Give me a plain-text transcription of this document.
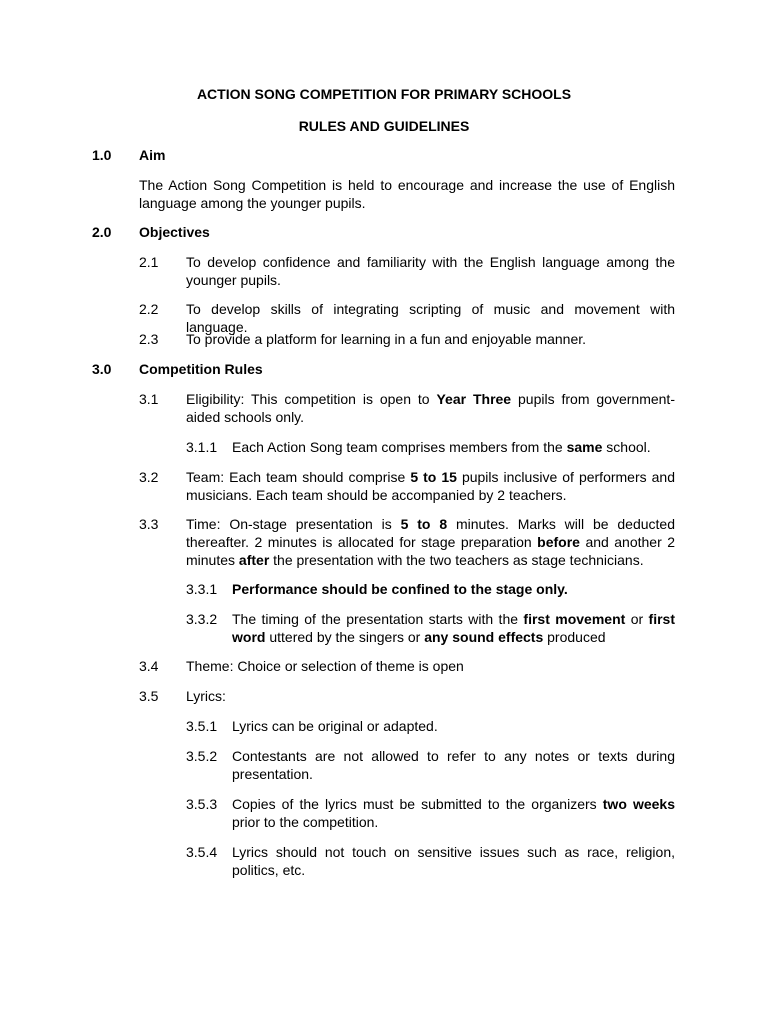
ACTION SONG COMPETITION FOR PRIMARY SCHOOLS
RULES AND GUIDELINES
1.0 Aim
The Action Song Competition is held to encourage and increase the use of English language among the younger pupils.
2.0 Objectives
2.1 To develop confidence and familiarity with the English language among the younger pupils.
2.2 To develop skills of integrating scripting of music and movement with language.
2.3 To provide a platform for learning in a fun and enjoyable manner.
3.0 Competition Rules
3.1 Eligibility: This competition is open to Year Three pupils from government-aided schools only.
3.1.1 Each Action Song team comprises members from the same school.
3.2 Team: Each team should comprise 5 to 15 pupils inclusive of performers and musicians. Each team should be accompanied by 2 teachers.
3.3 Time: On-stage presentation is 5 to 8 minutes. Marks will be deducted thereafter. 2 minutes is allocated for stage preparation before and another 2 minutes after the presentation with the two teachers as stage technicians.
3.3.1 Performance should be confined to the stage only.
3.3.2 The timing of the presentation starts with the first movement or first word uttered by the singers or any sound effects produced
3.4 Theme: Choice or selection of theme is open
3.5 Lyrics:
3.5.1 Lyrics can be original or adapted.
3.5.2 Contestants are not allowed to refer to any notes or texts during presentation.
3.5.3 Copies of the lyrics must be submitted to the organizers two weeks prior to the competition.
3.5.4 Lyrics should not touch on sensitive issues such as race, religion, politics, etc.
